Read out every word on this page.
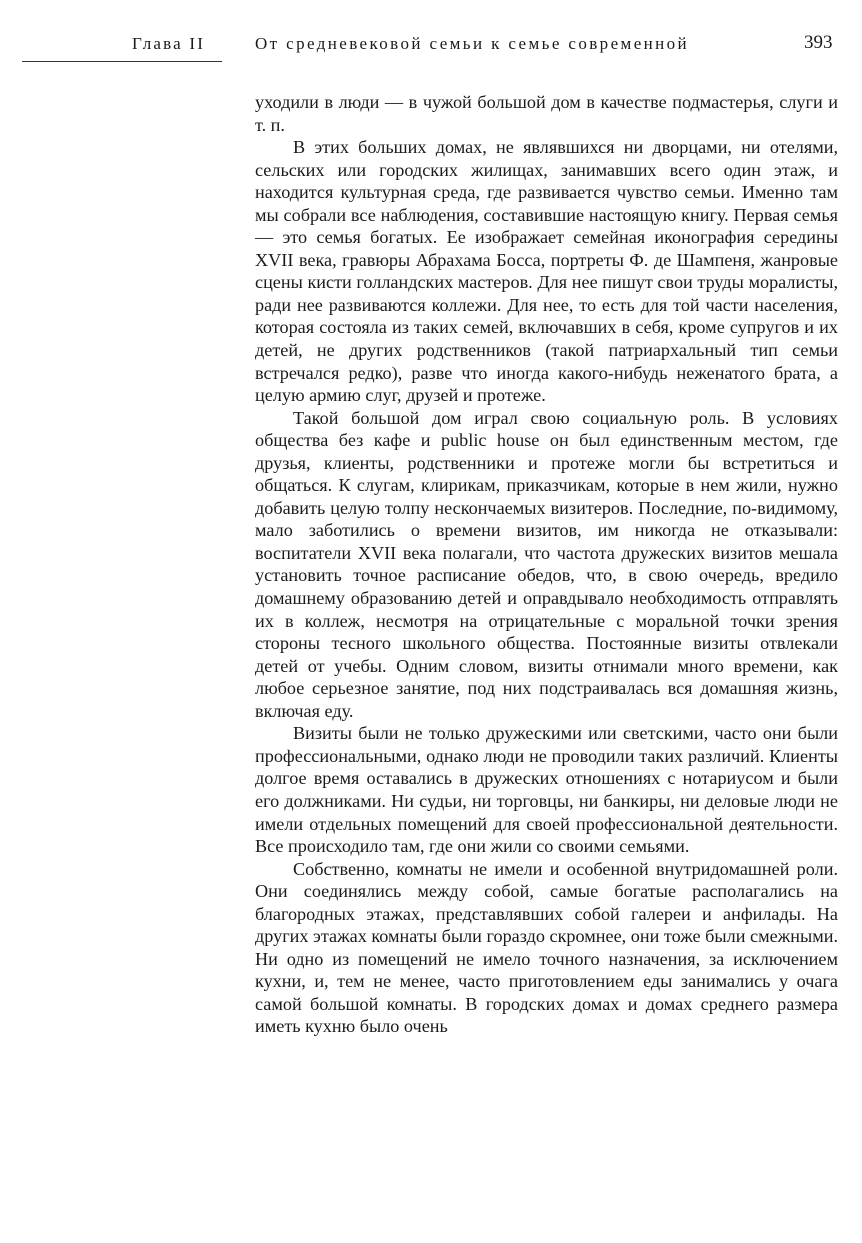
Глава II	От средневековой семьи к семье современной	393

уходили в люди — в чужой большой дом в качестве подмастерья, слуги и т. п.

В этих больших домах, не являвшихся ни дворцами, ни отелями, сельских или городских жилищах, занимавших всего один этаж, и находится культурная среда, где развивается чувство семьи. Именно там мы собрали все наблюдения, составившие настоящую книгу. Первая семья— это семья богатых. Ее изображает семейная иконография середины XVII века, гравюры Абрахама Босса, портреты Ф. де Шампеня, жанровые сцены кисти голландских мастеров. Для нее пишут свои труды моралисты, ради нее развиваются коллежи. Для нее, то есть для той части населения, которая состояла из таких семей, включавших в себя, кроме супругов и их детей, не других родственников (такой патриархальный тип семьи встречался редко), разве что иногда какого-нибудь неженатого брата, а целую армию слуг, друзей и протеже.

Такой большой дом играл свою социальную роль. В условиях общества без кафе и public house он был единственным местом, где друзья, клиенты, родственники и протеже могли бы встретиться и общаться. К слугам, клирикам, приказчикам, которые в нем жили, нужно добавить целую толпу нескончаемых визитеров. Последние, по-видимому, мало заботились о времени визитов, им никогда не отказывали: воспитатели XVII века полагали, что частота дружеских визитов мешала установить точное расписание обедов, что, в свою очередь, вредило домашнему образованию детей и оправдывало необходимость отправлять их в коллеж, несмотря на отрицательные с моральной точки зрения стороны тесного школьного общества. Постоянные визиты отвлекали детей от учебы. Одним словом, визиты отнимали много времени, как любое серьезное занятие, под них подстраивалась вся домашняя жизнь, включая еду.

Визиты были не только дружескими или светскими, часто они были профессиональными, однако люди не проводили таких различий. Клиенты долгое время оставались в дружеских отношениях с нотариусом и были его должниками. Ни судьи, ни торговцы, ни банкиры, ни деловые люди не имели отдельных помещений для своей профессиональной деятельности. Все происходило там, где они жили со своими семьями.

Собственно, комнаты не имели и особенной внутридомашней роли. Они соединялись между собой, самые богатые располагались на благородных этажах, представлявших собой галереи и анфилады. На других этажах комнаты были гораздо скромнее, они тоже были смежными. Ни одно из помещений не имело точного назначения, за исключением кухни, и, тем не менее, часто приготовлением еды занимались у очага самой большой комнаты. В городских домах и домах среднего размера иметь кухню было очень
